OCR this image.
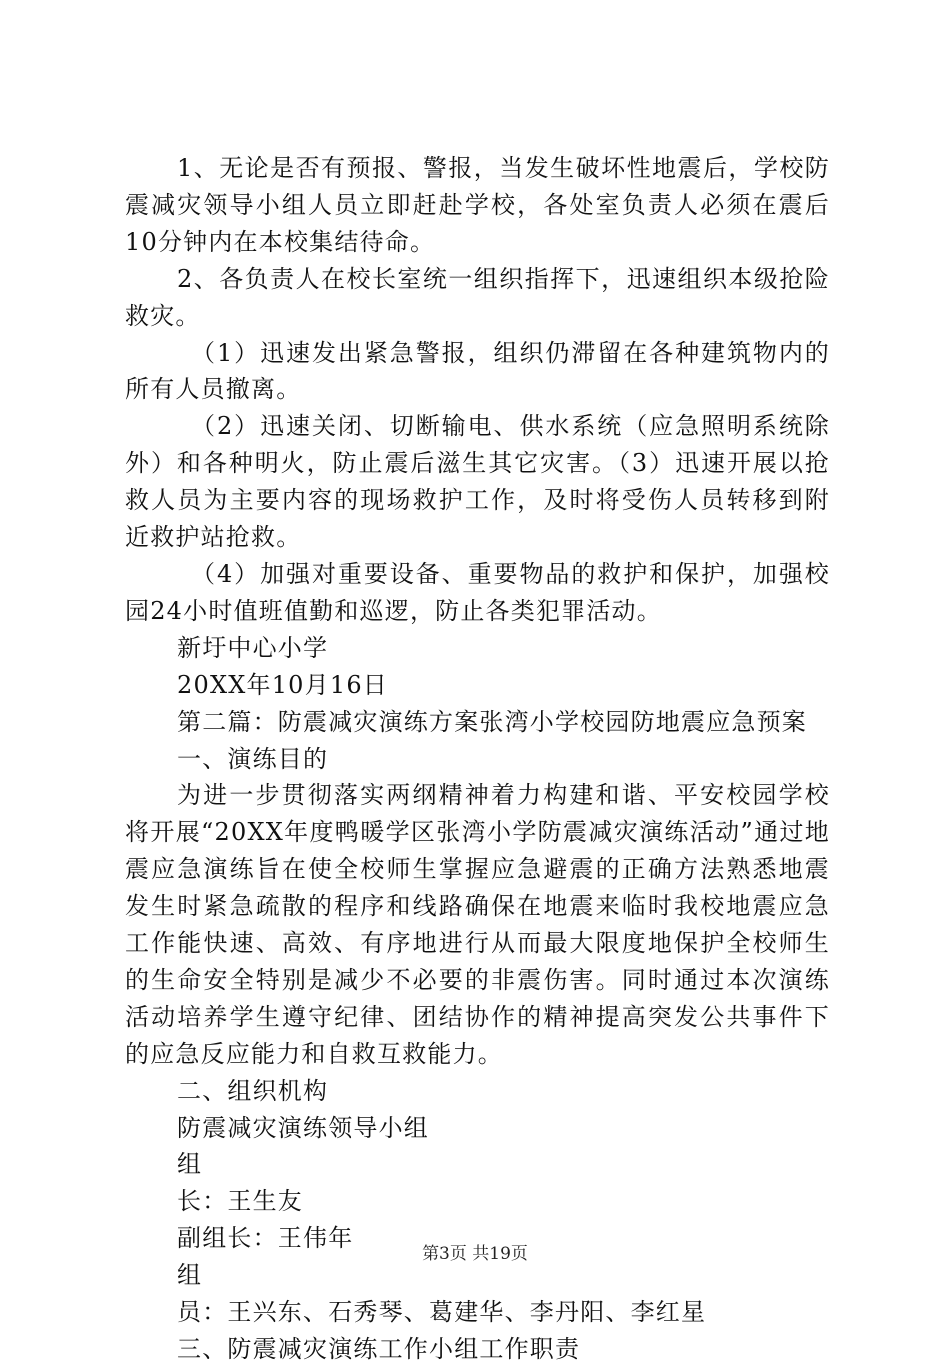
1、无论是否有预报、警报，当发生破坏性地震后，学校防震减灾领导小组人员立即赶赴学校，各处室负责人必须在震后10分钟内在本校集结待命。

2、各负责人在校长室统一组织指挥下，迅速组织本级抢险救灾。

（1）迅速发出紧急警报，组织仍滞留在各种建筑物内的所有人员撤离。

（2）迅速关闭、切断输电、供水系统（应急照明系统除外）和各种明火，防止震后滋生其它灾害。（3）迅速开展以抢救人员为主要内容的现场救护工作，及时将受伤人员转移到附近救护站抢救。

（4）加强对重要设备、重要物品的救护和保护，加强校园24小时值班值勤和巡逻，防止各类犯罪活动。

新圩中心小学

20XX年10月16日

第二篇：防震减灾演练方案张湾小学校园防地震应急预案

一、演练目的

为进一步贯彻落实两纲精神着力构建和谐、平安校园学校将开展“20XX年度鸭暖学区张湾小学防震减灾演练活动”通过地震应急演练旨在使全校师生掌握应急避震的正确方法熟悉地震发生时紧急疏散的程序和线路确保在地震来临时我校地震应急工作能快速、高效、有序地进行从而最大限度地保护全校师生的生命安全特别是减少不必要的非震伤害。同时通过本次演练活动培养学生遵守纪律、团结协作的精神提高突发公共事件下的应急反应能力和自救互救能力。

二、组织机构

防震减灾演练领导小组

组

长：王生友

副组长：王伟年

组

员：王兴东、石秀琴、葛建华、李丹阳、李红星

三、防震减灾演练工作小组工作职责

第3页 共19页
